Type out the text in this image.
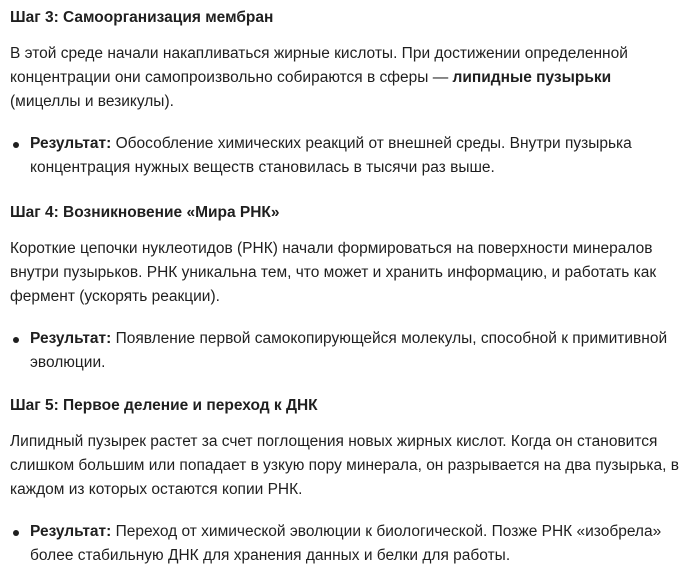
Шаг 3: Самоорганизация мембран

В этой среде начали накапливаться жирные кислоты. При достижении определенной концентрации они самопроизвольно собираются в сферы — липидные пузырьки (мицеллы и везикулы).

Результат: Обособление химических реакций от внешней среды. Внутри пузырька концентрация нужных веществ становилась в тысячи раз выше.
Шаг 4: Возникновение «Мира РНК»

Короткие цепочки нуклеотидов (РНК) начали формироваться на поверхности минералов внутри пузырьков. РНК уникальна тем, что может и хранить информацию, и работать как фермент (ускорять реакции).

Результат: Появление первой самокопирующейся молекулы, способной к примитивной эволюции.
Шаг 5: Первое деление и переход к ДНК

Липидный пузырек растет за счет поглощения новых жирных кислот. Когда он становится слишком большим или попадает в узкую пору минерала, он разрывается на два пузырька, в каждом из которых остаются копии РНК.

Результат: Переход от химической эволюции к биологической. Позже РНК «изобрела» более стабильную ДНК для хранения данных и белки для работы.
